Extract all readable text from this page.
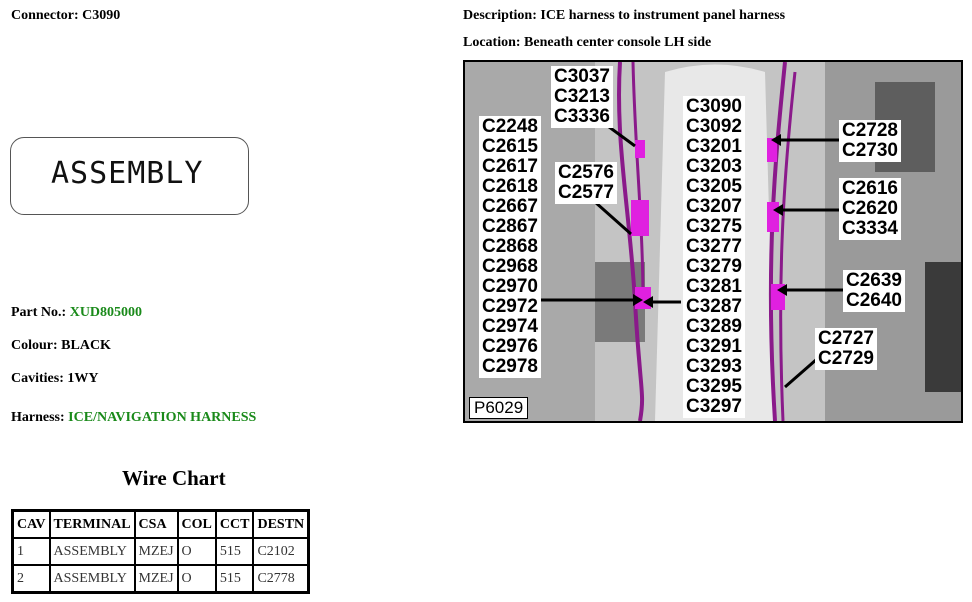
Connector: C3090	Description: ICE harness to instrument panel harness
Location: Beneath center console LH side
ASSEMBLY
Part No.: XUD805000
Colour: BLACK
Cavities: 1WY
Harness: ICE/NAVIGATION HARNESS
Wire Chart
CAV	TERMINAL	CSA	COL	CCT	DESTN
1	ASSEMBLY	MZEJ	O	515	C2102
2	ASSEMBLY	MZEJ	O	515	C2778
C3037
C3213
C3336
C2248
C2615
C2617
C2618
C2667
C2867
C2868
C2968
C2970
C2972
C2974
C2976
C2978
C2576
C2577
C3090
C3092
C3201
C3203
C3205
C3207
C3275
C3277
C3279
C3281
C3287
C3289
C3291
C3293
C3295
C3297
C2728
C2730
C2616
C2620
C3334
C2639
C2640
C2727
C2729
P6029
